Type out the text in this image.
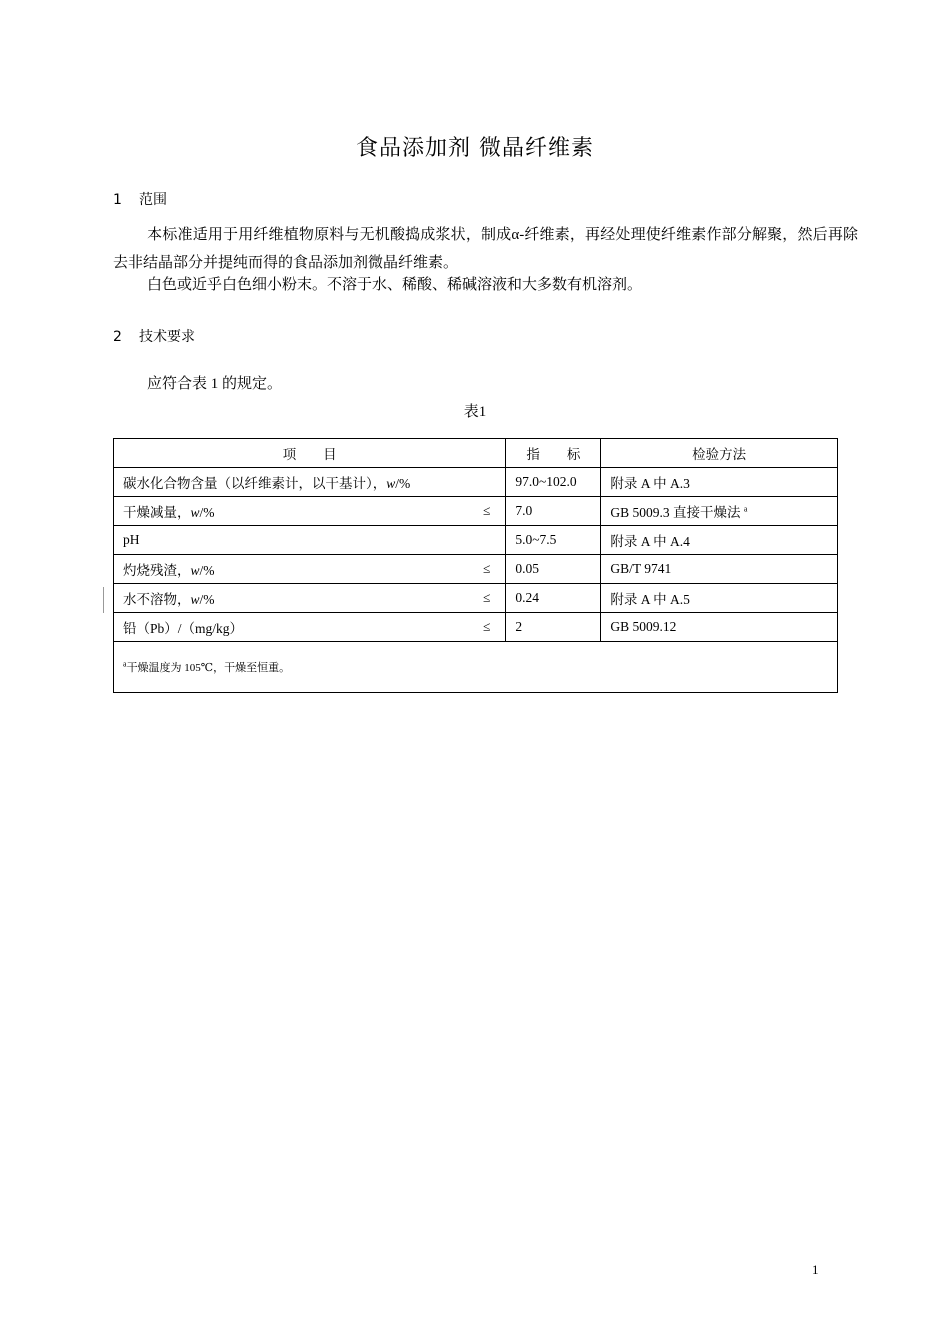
食品添加剂 微晶纤维素
1 范围
本标准适用于用纤维植物原料与无机酸捣成浆状，制成α-纤维素，再经处理使纤维素作部分解聚，然后再除去非结晶部分并提纯而得的食品添加剂微晶纤维素。
白色或近乎白色细小粉末。不溶于水、稀酸、稀碱溶液和大多数有机溶剂。
2 技术要求
应符合表 1 的规定。
表1
项　　目	指　　标	检验方法

碳水化合物含量（以纤维素计，以干基计），w/%	97.0~102.0	附录 A 中 A.3

干燥减量，w/% ≤	7.0	GB 5009.3 直接干燥法 $^a$

pH	5.0~7.5	附录 A 中 A.4

灼烧残渣，w/% ≤	0.05	GB/T 9741

水不溶物，w/% ≤	0.24	附录 A 中 A.5

铅（Pb）/（mg/kg） ≤	2	GB 5009.12
$^a$干燥温度为 105℃，干燥至恒重。		
1
